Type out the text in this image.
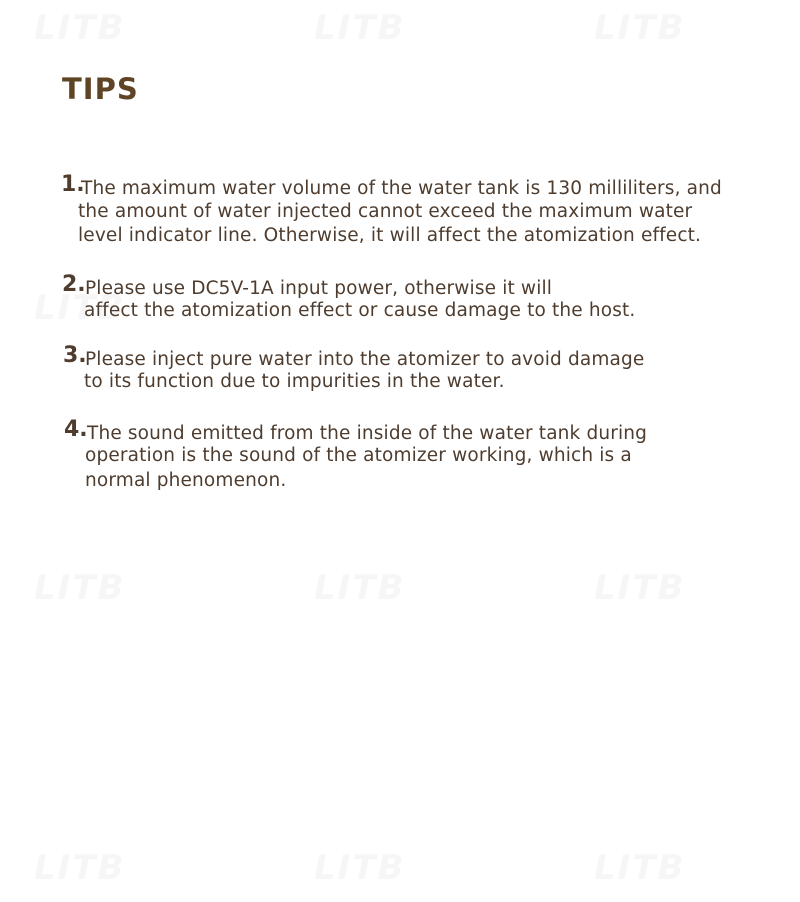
TIPS
1.
The maximum water volume of the water tank is 130 milliliters, and
the amount of water injected cannot exceed the maximum water
level indicator line. Otherwise, it will affect the atomization effect.
2. Please use DC5V-1A input power, otherwise it will
affect the atomization effect or cause damage to the host.
3.
Please inject pure water into the atomizer to avoid damage
to its function due to impurities in the water.
4. The sound emitted from the inside of the water tank during
operation is the sound of the atomizer working, which is a
normal phenomenon.
